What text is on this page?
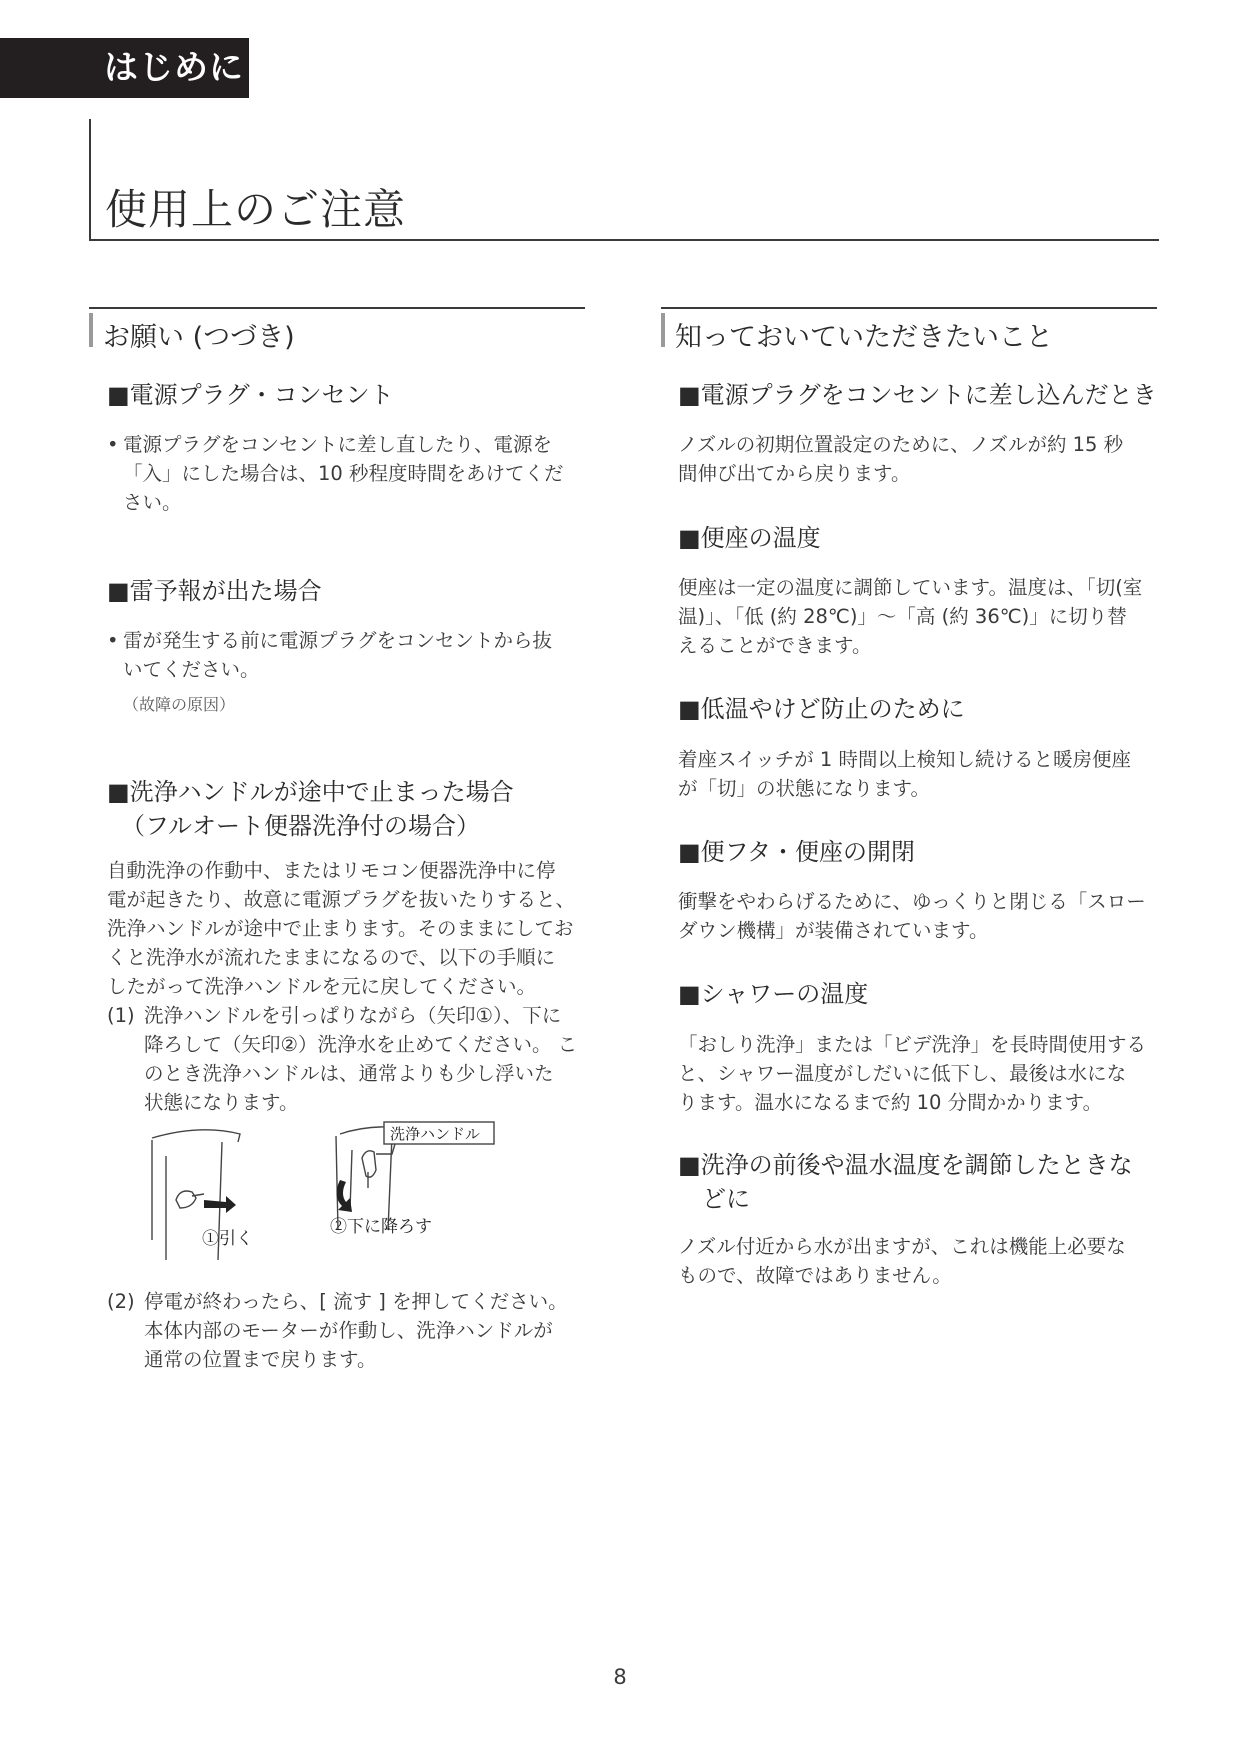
はじめに
使用上のご注意
お願い (つづき)
■電源プラグ・コンセント
• 電源プラグをコンセントに差し直したり、電源を
「入」にした場合は、10 秒程度時間をあけてくだ
さい。
■雷予報が出た場合
• 雷が発生する前に電源プラグをコンセントから抜
いてください。
（故障の原因）
■洗浄ハンドルが途中で止まった場合
（フルオート便器洗浄付の場合）
自動洗浄の作動中、またはリモコン便器洗浄中に停
電が起きたり、故意に電源プラグを抜いたりすると、
洗浄ハンドルが途中で止まります。そのままにしてお
くと洗浄水が流れたままになるので、以下の手順に
したがって洗浄ハンドルを元に戻してください。
(1) 洗浄ハンドルを引っぱりながら（矢印①）、下に
降ろして（矢印②）洗浄水を止めてください。 こ
のとき洗浄ハンドルは、通常よりも少し浮いた
状態になります。
洗浄ハンドル
①引く
②下に降ろす
(2) 停電が終わったら、[ 流す ] を押してください。
本体内部のモーターが作動し、洗浄ハンドルが
通常の位置まで戻ります。
知っておいていただきたいこと
■電源プラグをコンセントに差し込んだとき
ノズルの初期位置設定のために、ノズルが約 15 秒
間伸び出てから戻ります。
■便座の温度
便座は一定の温度に調節しています。温度は、「切(室
温)」、「低 (約 28℃)」～「高 (約 36℃)」に切り替
えることができます。
■低温やけど防止のために
着座スイッチが 1 時間以上検知し続けると暖房便座
が「切」の状態になります。
■便フタ・便座の開閉
衝撃をやわらげるために、ゆっくりと閉じる「スロー
ダウン機構」が装備されています。
■シャワーの温度
「おしり洗浄」または「ビデ洗浄」を長時間使用する
と、シャワー温度がしだいに低下し、最後は水にな
ります。温水になるまで約 10 分間かかります。
■洗浄の前後や温水温度を調節したときな
どに
ノズル付近から水が出ますが、これは機能上必要な
もので、故障ではありません。
8
